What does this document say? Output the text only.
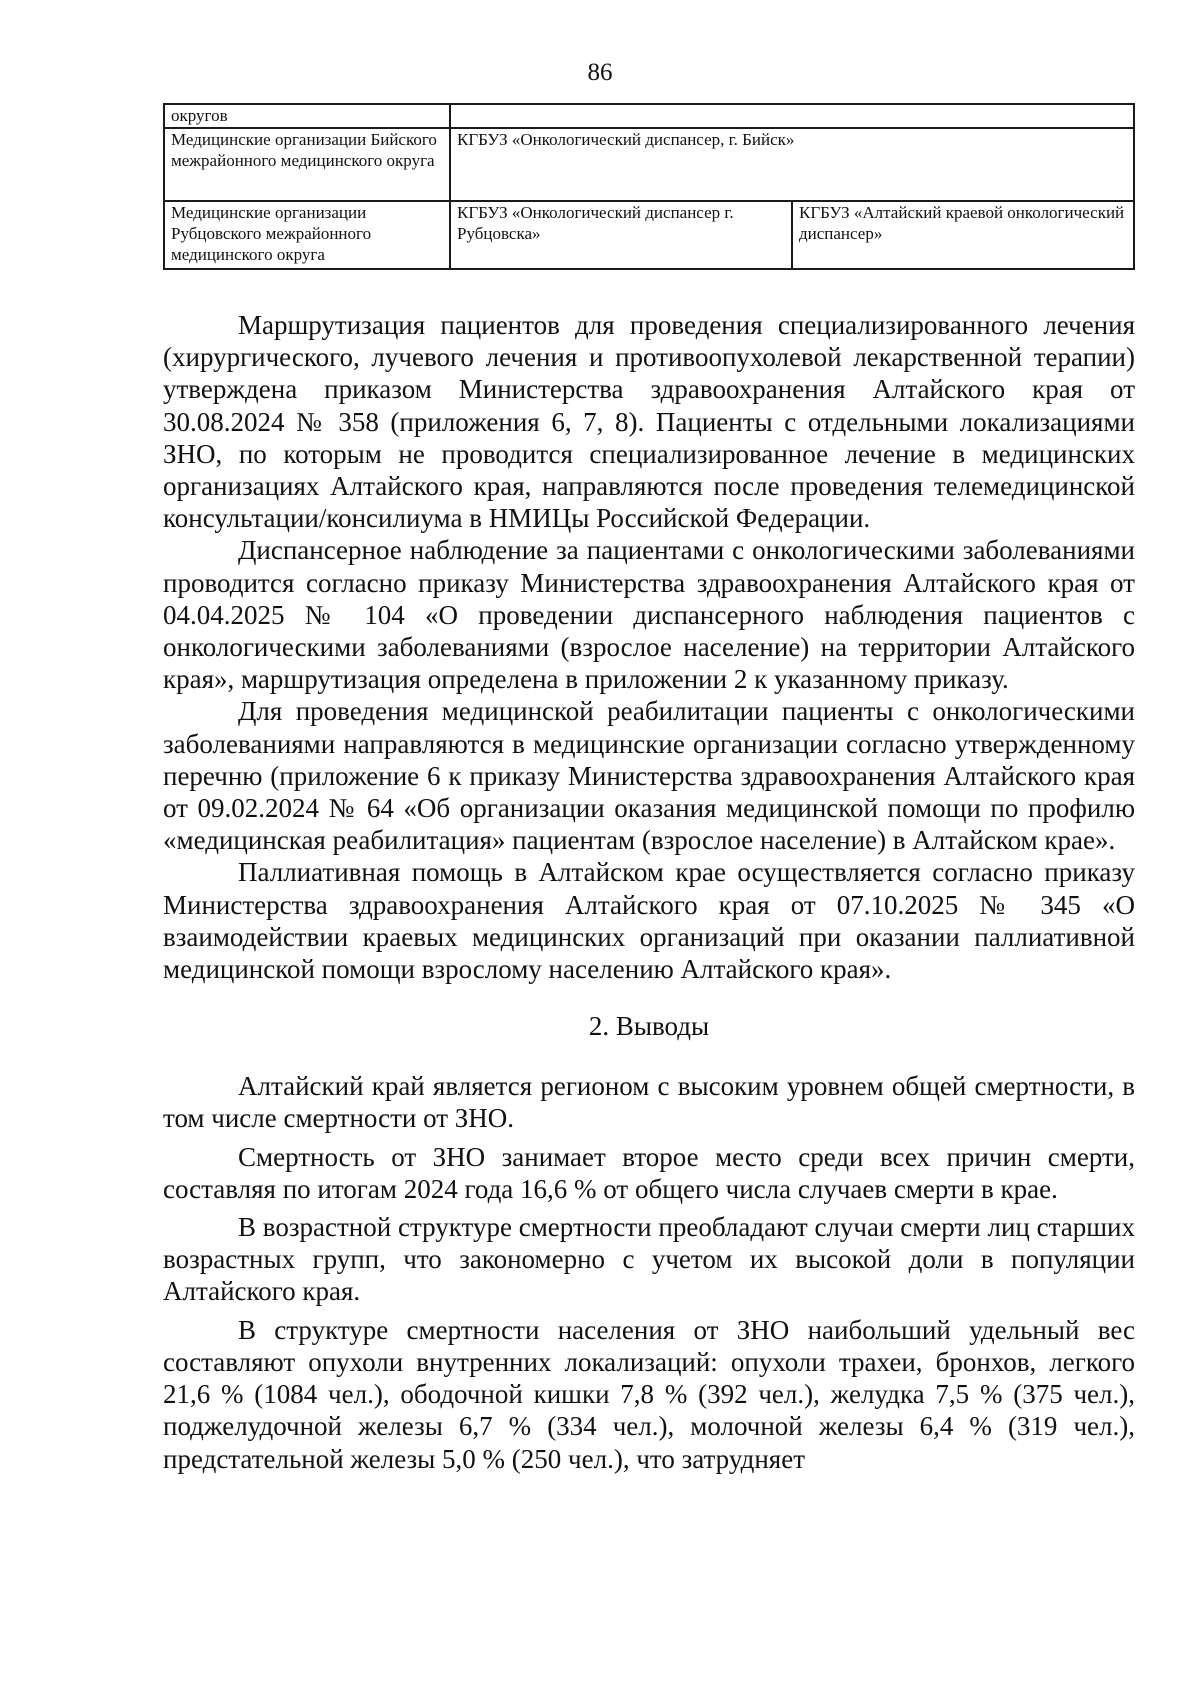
86
округов		
Медицинские организации Бийского межрайонного медицинского округа	КГБУЗ «Онкологический диспансер, г. Бийск»	
Медицинские организации Рубцовского межрайонного медицинского округа	КГБУЗ «Онкологический диспансер г. Рубцовска»	КГБУЗ «Алтайский краевой онкологический диспансер»

Маршрутизация пациентов для проведения специализированного лечения (хирургического, лучевого лечения и противоопухолевой лекарственной терапии) утверждена приказом Министерства здравоохранения Алтайского края от 30.08.2024 № 358 (приложения 6, 7, 8). Пациенты с отдельными локализациями ЗНО, по которым не проводится специализированное лечение в медицинских организациях Алтайского края, направляются после проведения телемедицинской консультации/консилиума в НМИЦы Российской Федерации.

Диспансерное наблюдение за пациентами с онкологическими заболеваниями проводится согласно приказу Министерства здравоохранения Алтайского края от 04.04.2025 № 104 «О проведении диспансерного наблюдения пациентов с онкологическими заболеваниями (взрослое население) на территории Алтайского края», маршрутизация определена в приложении 2 к указанному приказу.

Для проведения медицинской реабилитации пациенты с онкологическими заболеваниями направляются в медицинские организации согласно утвержденному перечню (приложение 6 к приказу Министерства здравоохранения Алтайского края от 09.02.2024 № 64 «Об организации оказания медицинской помощи по профилю «медицинская реабилитация» пациентам (взрослое население) в Алтайском крае».

Паллиативная помощь в Алтайском крае осуществляется согласно приказу Министерства здравоохранения Алтайского края от 07.10.2025 № 345 «О взаимодействии краевых медицинских организаций при оказании паллиативной медицинской помощи взрослому населению Алтайского края».

2. Выводы

Алтайский край является регионом с высоким уровнем общей смертности, в том числе смертности от ЗНО.

Смертность от ЗНО занимает второе место среди всех причин смерти, составляя по итогам 2024 года 16,6 % от общего числа случаев смерти в крае.

В возрастной структуре смертности преобладают случаи смерти лиц старших возрастных групп, что закономерно с учетом их высокой доли в популяции Алтайского края.

В структуре смертности населения от ЗНО наибольший удельный вес составляют опухоли внутренних локализаций: опухоли трахеи, бронхов, легкого 21,6 % (1084 чел.), ободочной кишки 7,8 % (392 чел.), желудка 7,5 % (375 чел.), поджелудочной железы 6,7 % (334 чел.), молочной железы 6,4 % (319 чел.), предстательной железы 5,0 % (250 чел.), что затрудняет
